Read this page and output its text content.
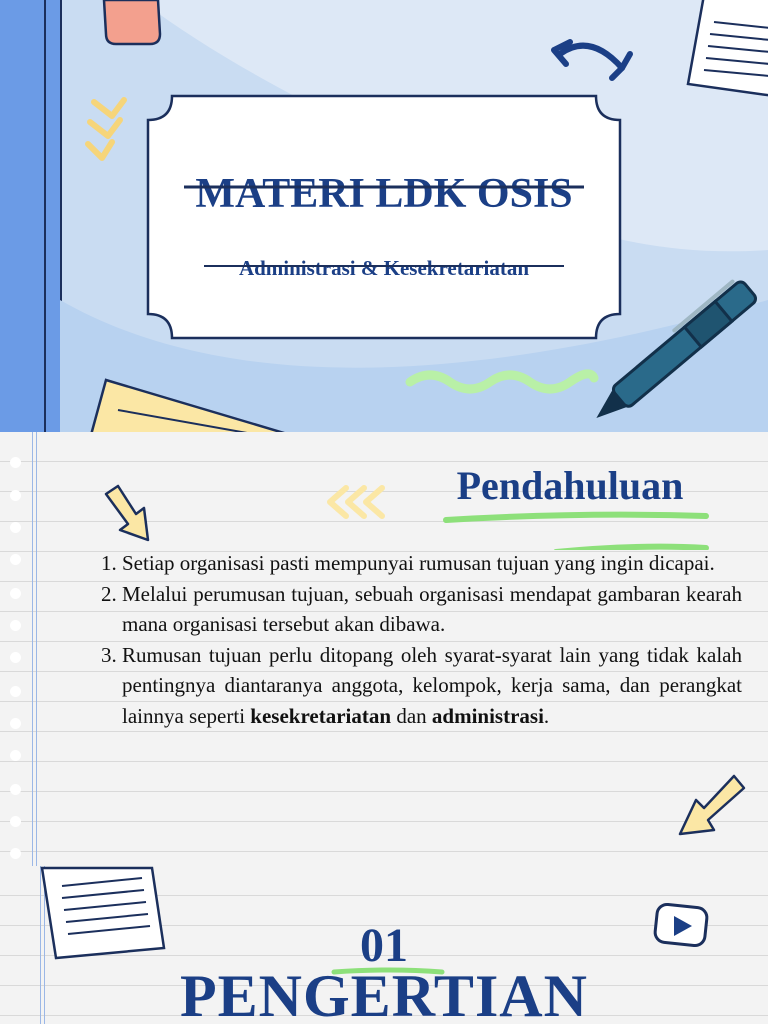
MATERI LDK OSIS

Administrasi & Kesekretariatan

Pendahuluan
1. Setiap organisasi pasti mempunyai rumusan tujuan yang ingin dicapai.
2. Melalui perumusan tujuan, sebuah organisasi mendapat gambaran kearah mana organisasi tersebut akan dibawa.
3. Rumusan tujuan perlu ditopang oleh syarat-syarat lain yang tidak kalah pentingnya diantaranya anggota, kelompok, kerja sama, dan perangkat lainnya seperti kesekretariatan dan administrasi.

01

PENGERTIAN
